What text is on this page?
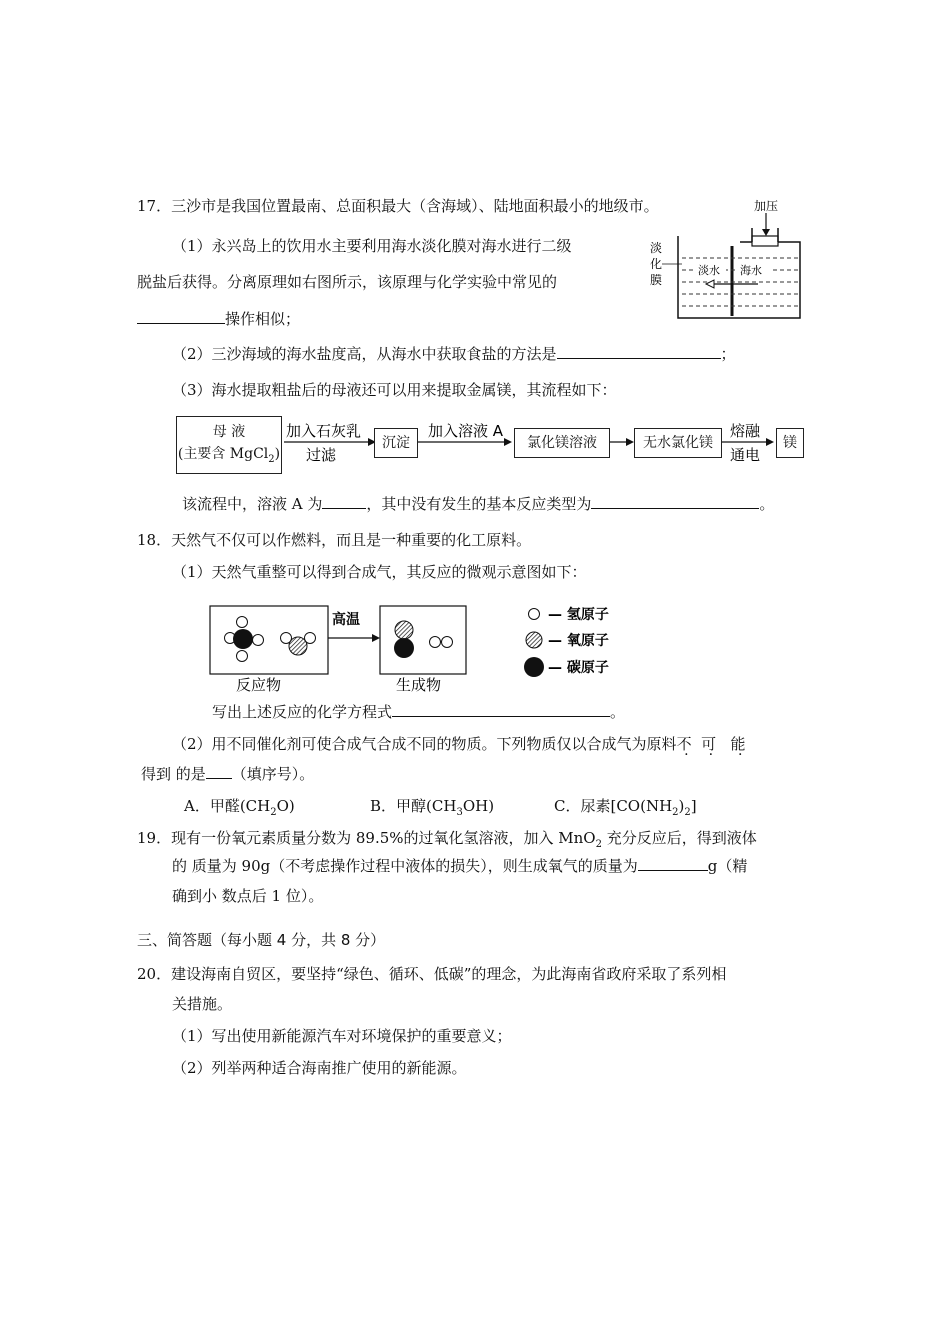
17．三沙市是我国位置最南、总面积最大（含海域）、陆地面积最小的地级市。	加压
淡水 海水
淡
化
膜
（1）永兴岛上的饮用水主要利用海水淡化膜对海水进行二级
脱盐后获得。分离原理如右图所示，该原理与化学实验中常见的
操作相似；
（2）三沙海域的海水盐度高，从海水中获取食盐的方法是	；
（3）海水提取粗盐后的母液还可以用来提取金属镁，其流程如下：
母 液
(主要含 MgCl$_2$)
加入石灰乳
过滤
加入溶液 A	熔融
通电
沉淀	氯化镁溶液	无水氯化镁	镁
该流程中，溶液 A 为	，其中没有发生的基本反应类型为	。
18．天然气不仅可以作燃料，而且是一种重要的化工原料。
（1）天然气重整可以得到合成气，其反应的微观示意图如下：
高温
反应物	生成物
— 氢原子
— 氧原子
— 碳原子
写出上述反应的化学方程式	。
（2）用不同催化剂可使合成气合成不同的物质。下列物质仅以合成气为原料不 可 能
得到 的是 （填序号）。
A．甲醛$(CH_2O)$	B．甲醇$(CH_3OH)$	C．尿素$[CO(NH_2)_2]$
19．现有一份氧元素质量分数为 89.5%的过氧化氢溶液，加入 MnO$_2$ 充分反应后，得到液体
的 质量为 90g（不考虑操作过程中液体的损失），则生成氧气的质量为	g（精
确到小 数点后 1 位）。
三、简答题（每小题 4 分，共 8 分）
20．建设海南自贸区，要坚持“绿色、循环、低碳”的理念，为此海南省政府采取了系列相
关措施。
（1）写出使用新能源汽车对环境保护的重要意义；
（2）列举两种适合海南推广使用的新能源。
